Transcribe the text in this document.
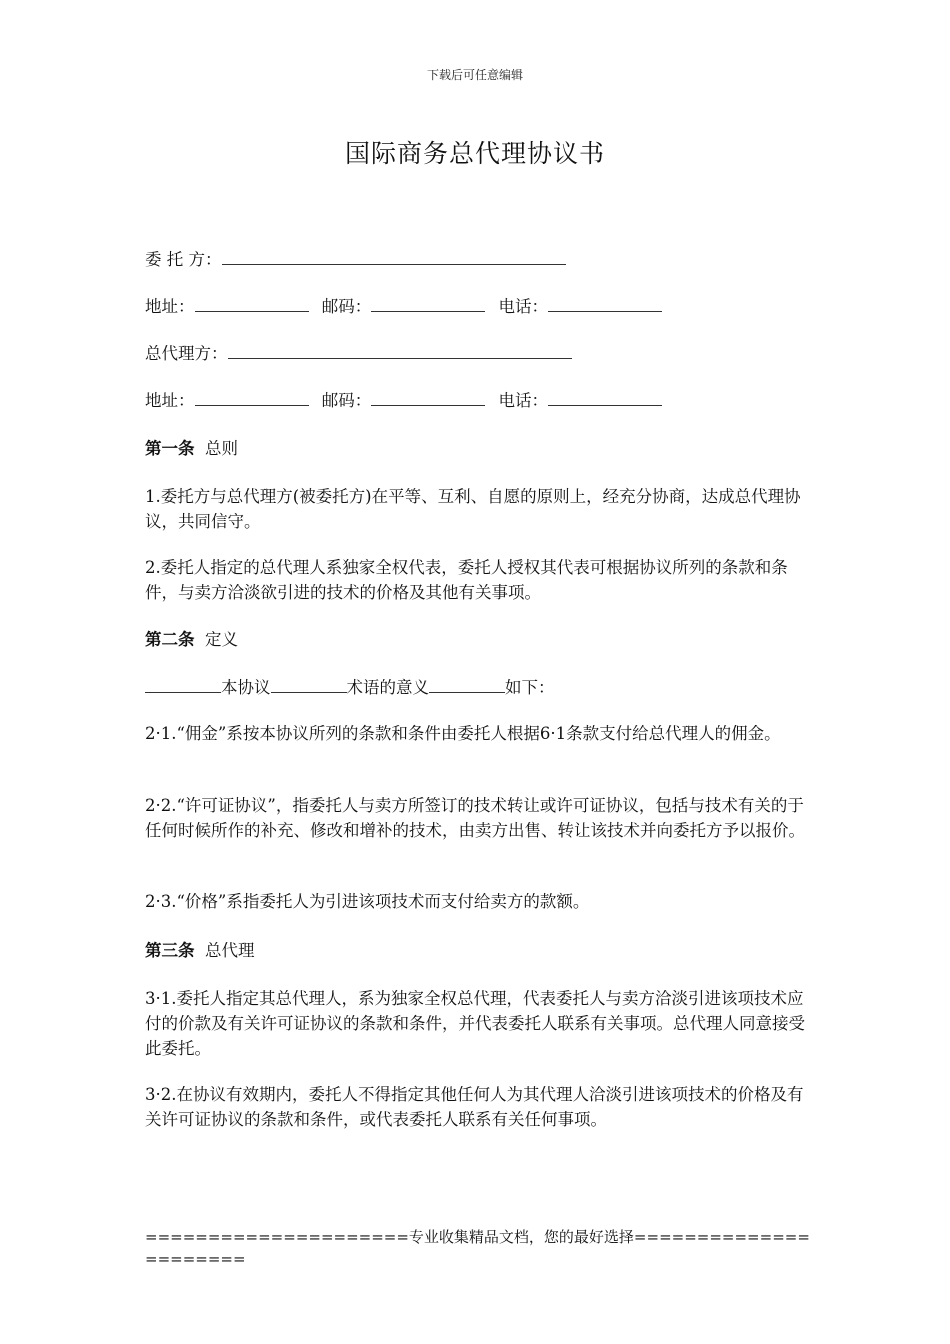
下载后可任意编辑
国际商务总代理协议书
委 托 方：
地址：	邮码：	电话：
总代理方：
地址：	邮码：	电话：
第一条 总则
1.委托方与总代理方(被委托方)在平等、互利、自愿的原则上，经充分协商，达成总代理协议，共同信守。
2.委托人指定的总代理人系独家全权代表，委托人授权其代表可根据协议所列的条款和条件，与卖方洽淡欲引进的技术的价格及其他有关事项。
第二条 定义
本协议	术语的意义	如下：
2·1.“佣金”系按本协议所列的条款和条件由委托人根据6·1条款支付给总代理人的佣金。
2·2.“许可证协议”，指委托人与卖方所签订的技术转让或许可证协议，包括与技术有关的于任何时候所作的补充、修改和增补的技术，由卖方出售、转让该技术并向委托方予以报价。
2·3.“价格”系指委托人为引进该项技术而支付给卖方的款额。
第三条 总代理
3·1.委托人指定其总代理人，系为独家全权总代理，代表委托人与卖方洽淡引进该项技术应付的价款及有关许可证协议的条款和条件，并代表委托人联系有关事项。总代理人同意接受此委托。
3·2.在协议有效期内，委托人不得指定其他任何人为其代理人洽淡引进该项技术的价格及有关许可证协议的条款和条件，或代表委托人联系有关任何事项。
=====================专业收集精品文档，您的最好选择======================
